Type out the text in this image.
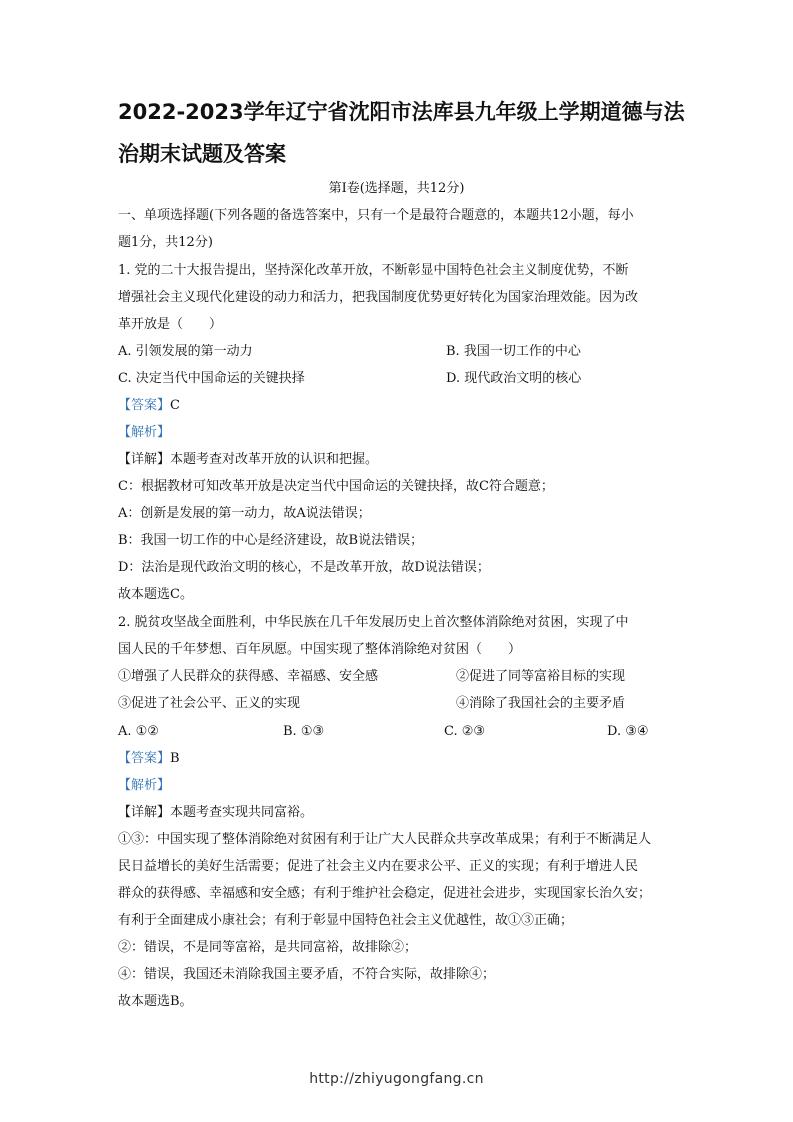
2022-2023学年辽宁省沈阳市法库县九年级上学期道德与法
治期末试题及答案
第Ⅰ卷(选择题，共12分)
一、单项选择题(下列各题的备选答案中，只有一个是最符合题意的，本题共12小题，每小
题1分，共12分)
1. 党的二十大报告提出，坚持深化改革开放，不断彰显中国特色社会主义制度优势，不断
增强社会主义现代化建设的动力和活力，把我国制度优势更好转化为国家治理效能。因为改
革开放是（　　）
A. 引领发展的第一动力	B. 我国一切工作的中心
C. 决定当代中国命运的关键抉择	D. 现代政治文明的核心
【答案】C
【解析】
【详解】本题考查对改革开放的认识和把握。
C：根据教材可知改革开放是决定当代中国命运的关键抉择，故C符合题意；
A：创新是发展的第一动力，故A说法错误；
B：我国一切工作的中心是经济建设，故B说法错误；
D：法治是现代政治文明的核心，不是改革开放，故D说法错误；
故本题选C。
2. 脱贫攻坚战全面胜利，中华民族在几千年发展历史上首次整体消除绝对贫困，实现了中
国人民的千年梦想、百年夙愿。中国实现了整体消除绝对贫困（　　）
①增强了人民群众的获得感、幸福感、安全感	②促进了同等富裕目标的实现
③促进了社会公平、正义的实现	④消除了我国社会的主要矛盾
A. ①②	B. ①③	C. ②③	D. ③④
【答案】B
【解析】
【详解】本题考查实现共同富裕。
①③：中国实现了整体消除绝对贫困有利于让广大人民群众共享改革成果；有利于不断满足人
民日益增长的美好生活需要；促进了社会主义内在要求公平、正义的实现；有利于增进人民
群众的获得感、幸福感和安全感；有利于维护社会稳定，促进社会进步，实现国家长治久安；
有利于全面建成小康社会；有利于彰显中国特色社会主义优越性，故①③正确；
②：错误，不是同等富裕，是共同富裕，故排除②；
④：错误，我国还未消除我国主要矛盾，不符合实际，故排除④；
故本题选B。
http://zhiyugongfang.cn
